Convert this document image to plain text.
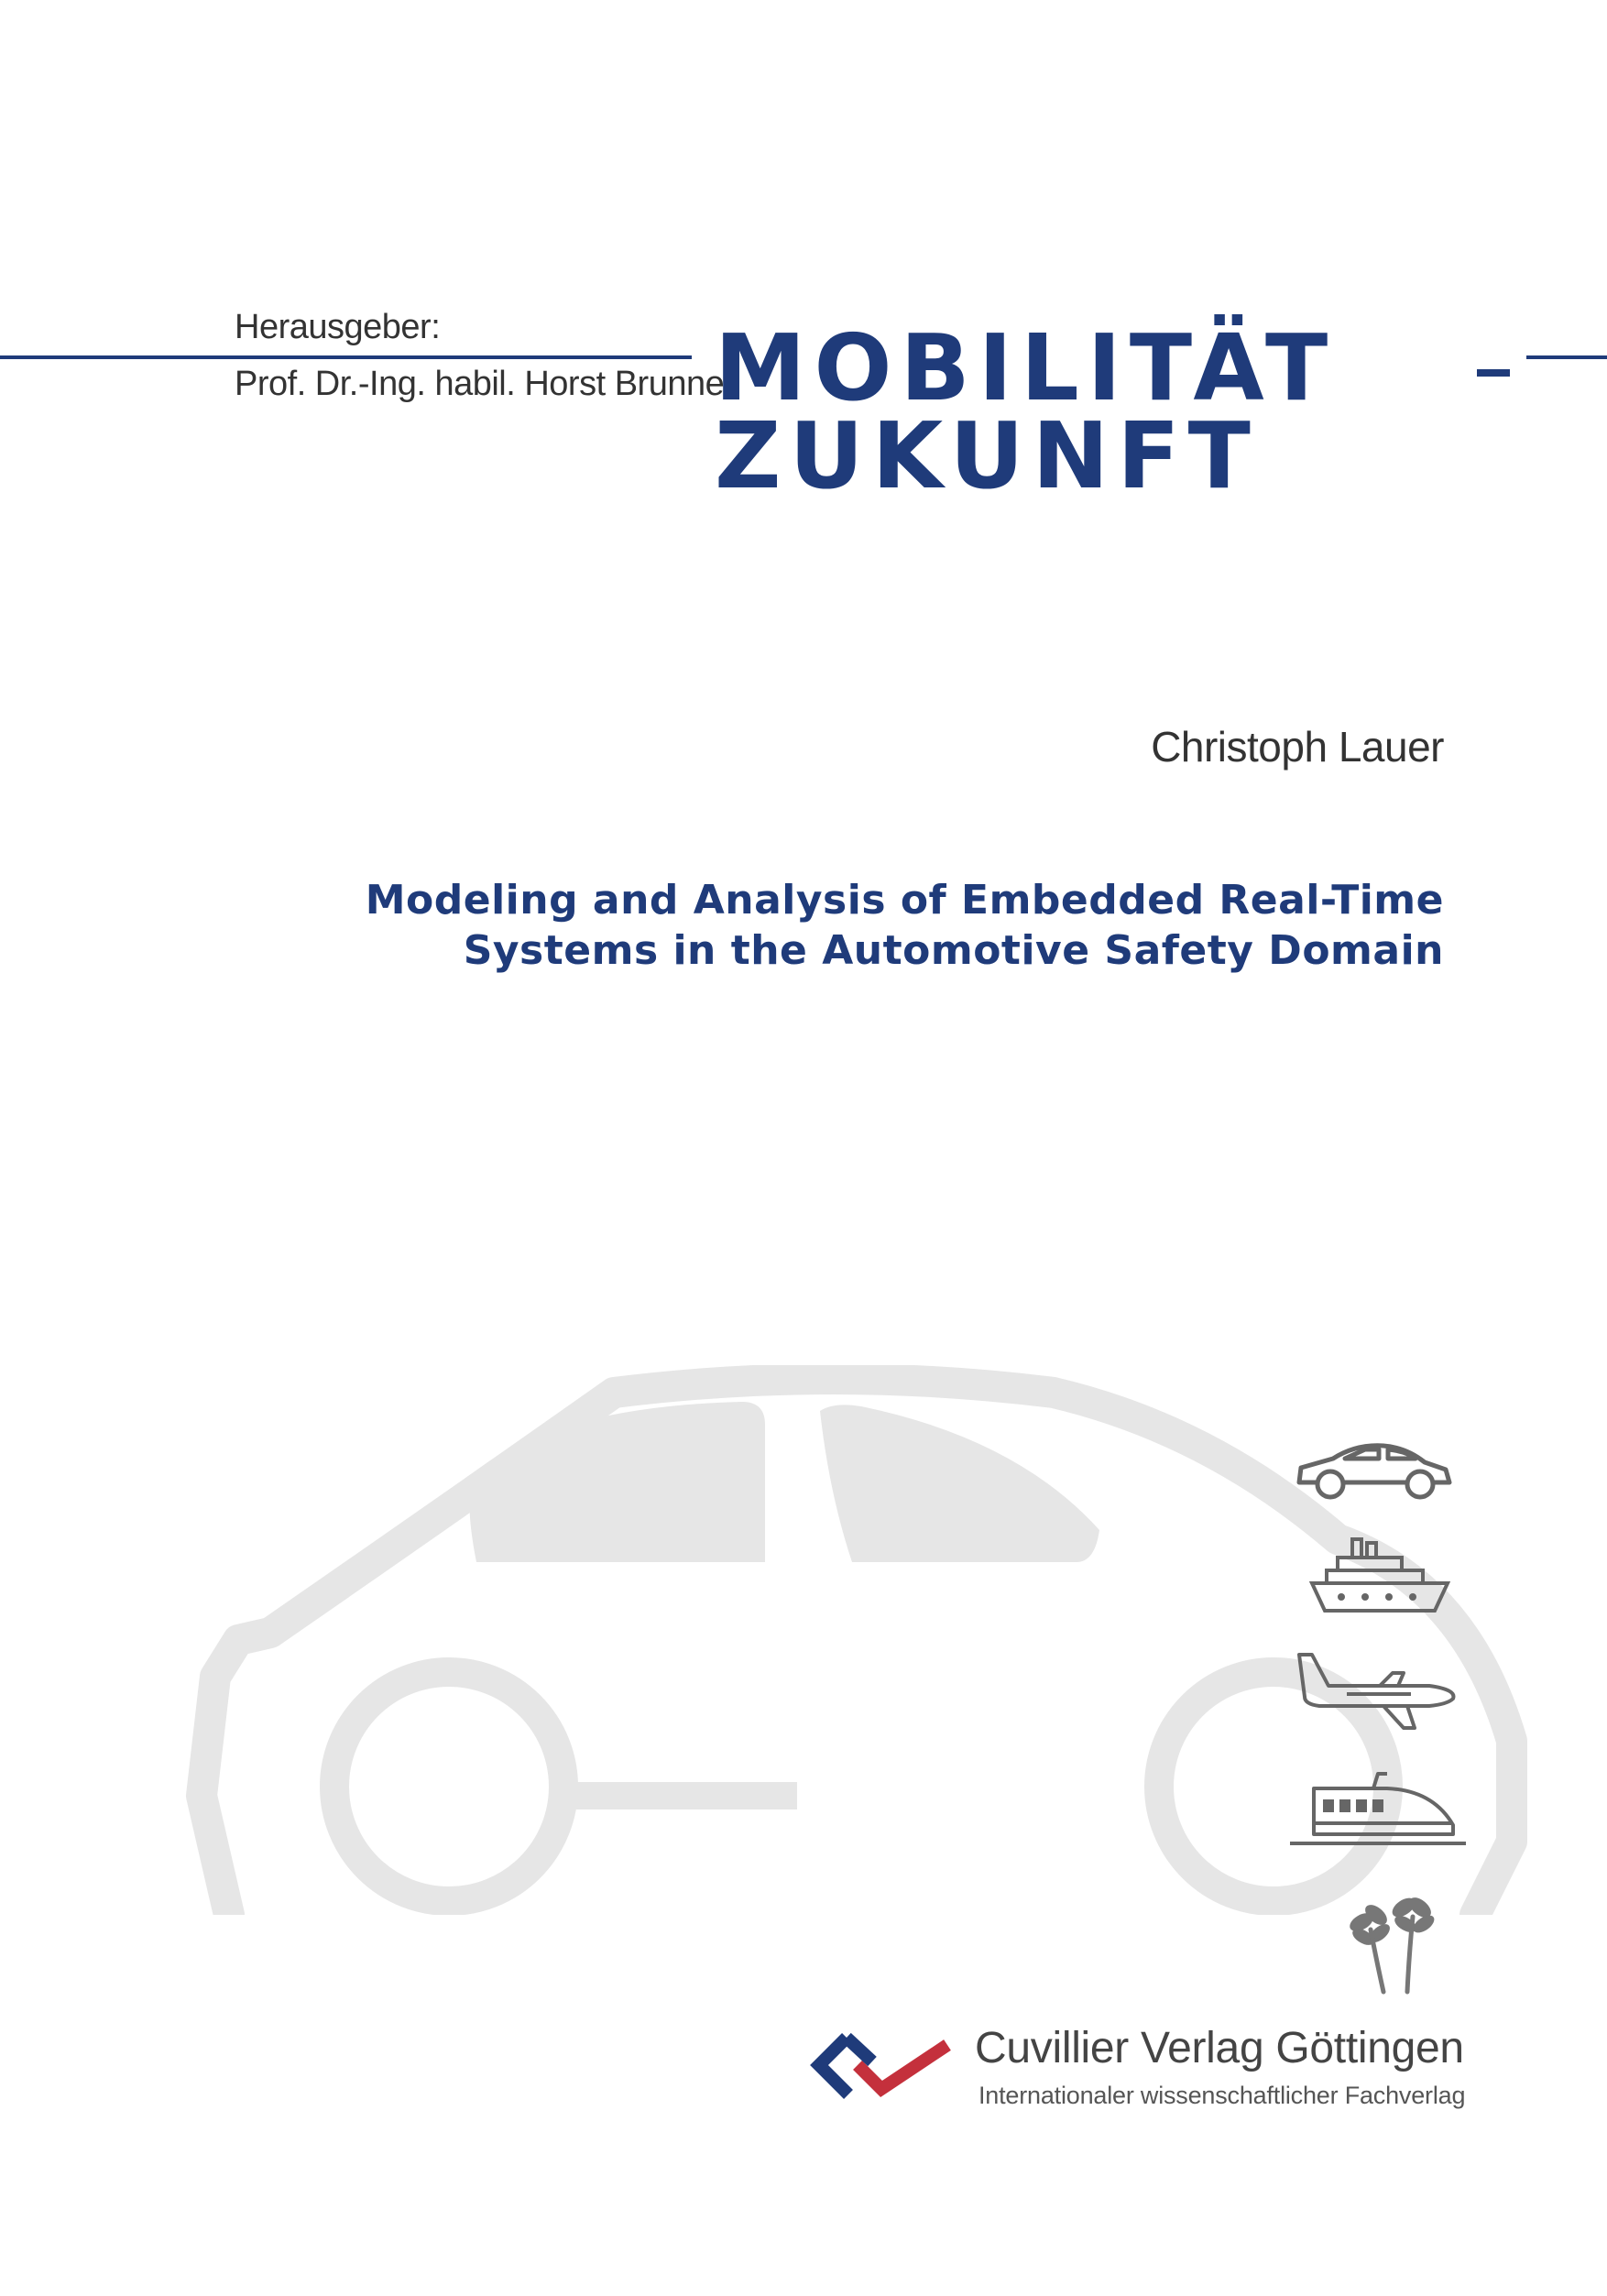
Herausgeber:
Prof. Dr.-Ing. habil. Horst Brunner
MOBILITÄT
ZUKUNFT
Christoph Lauer
Modeling and Analysis of Embedded Real-Time
Systems in the Automotive Safety Domain
Cuvillier Verlag Göttingen
Internationaler wissenschaftlicher Fachverlag
